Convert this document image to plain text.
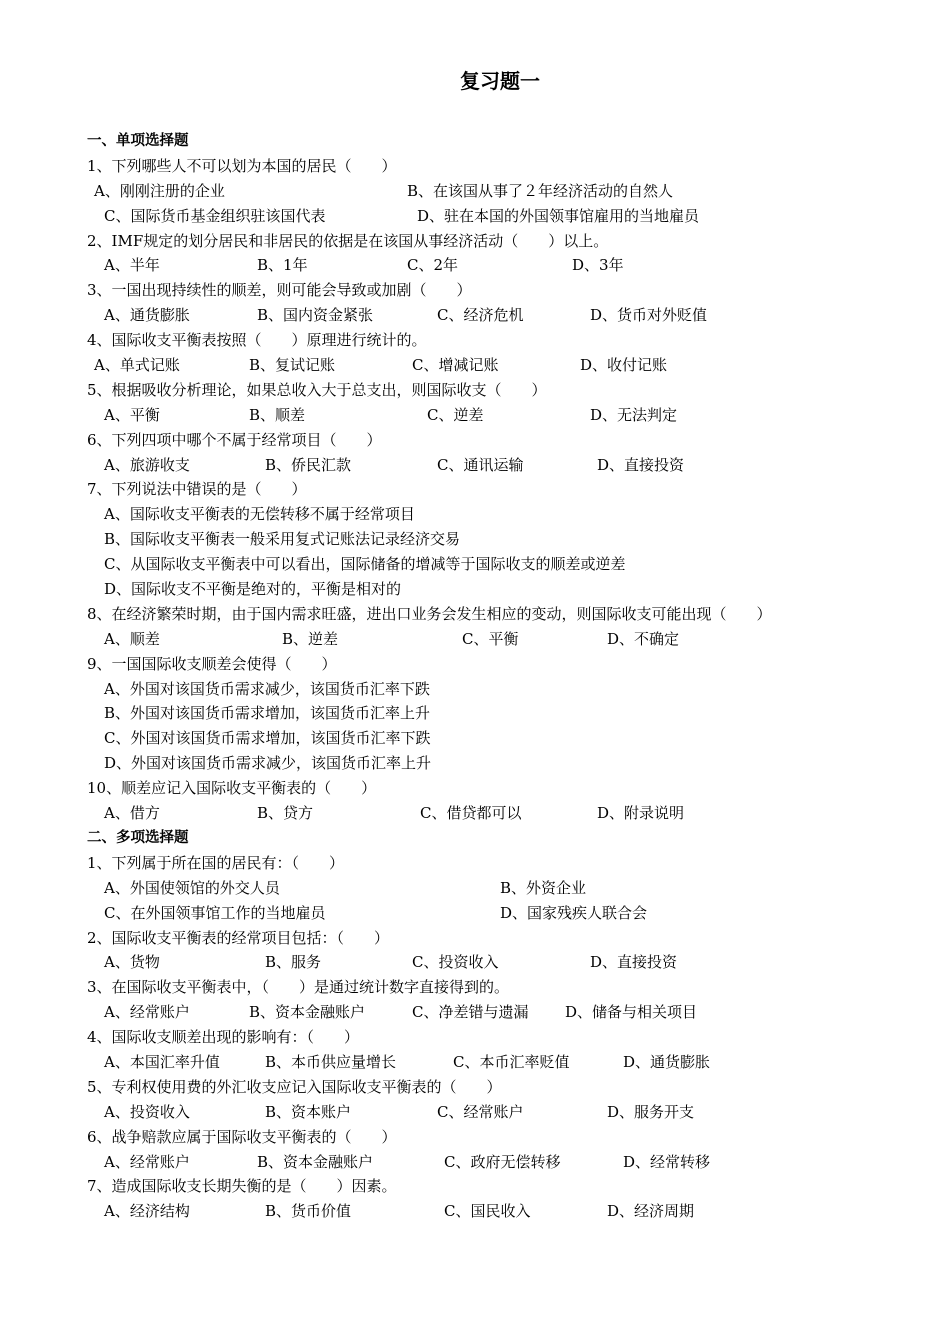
复习题一
一、单项选择题
1、下列哪些人不可以划为本国的居民（　　）
A、刚刚注册的企业	B、在该国从事了２年经济活动的自然人
C、国际货币基金组织驻该国代表	D、驻在本国的外国领事馆雇用的当地雇员
2、IMF规定的划分居民和非居民的依据是在该国从事经济活动（　　）以上。
A、半年	B、1年	C、2年	D、3年
3、一国出现持续性的顺差，则可能会导致或加剧（　　）
A、通货膨胀	B、国内资金紧张	C、经济危机	D、货币对外贬值
4、国际收支平衡表按照（　　）原理进行统计的。
A、单式记账	B、复试记账	C、增减记账	D、收付记账
5、根据吸收分析理论，如果总收入大于总支出，则国际收支（　　）
A、平衡	B、顺差	C、逆差	D、无法判定
6、下列四项中哪个不属于经常项目（　　）
A、旅游收支	B、侨民汇款	C、通讯运输	D、直接投资
7、下列说法中错误的是（　　）
A、国际收支平衡表的无偿转移不属于经常项目
B、国际收支平衡表一般采用复式记账法记录经济交易
C、从国际收支平衡表中可以看出，国际储备的增减等于国际收支的顺差或逆差
D、国际收支不平衡是绝对的，平衡是相对的
8、在经济繁荣时期，由于国内需求旺盛，进出口业务会发生相应的变动，则国际收支可能出现（　　）
A、顺差	B、逆差	C、平衡	D、不确定
9、一国国际收支顺差会使得（　　）
A、外国对该国货币需求减少，该国货币汇率下跌
B、外国对该国货币需求增加，该国货币汇率上升
C、外国对该国货币需求增加，该国货币汇率下跌
D、外国对该国货币需求减少，该国货币汇率上升
10、顺差应记入国际收支平衡表的（　　）
A、借方	B、贷方	C、借贷都可以	D、附录说明
二、多项选择题
1、下列属于所在国的居民有：（　　）
A、外国使领馆的外交人员	B、外资企业
C、在外国领事馆工作的当地雇员	D、国家残疾人联合会
2、国际收支平衡表的经常项目包括：（　　）
A、货物	B、服务	C、投资收入	D、直接投资
3、在国际收支平衡表中，（　　）是通过统计数字直接得到的。
A、经常账户	B、资本金融账户	C、净差错与遗漏 D、储备与相关项目
4、国际收支顺差出现的影响有：（　　）
A、本国汇率升值	B、本币供应量增长	C、本币汇率贬值	D、通货膨胀
5、专利权使用费的外汇收支应记入国际收支平衡表的（　　）
A、投资收入	B、资本账户	C、经常账户	D、服务开支
6、战争赔款应属于国际收支平衡表的（　　）
A、经常账户	B、资本金融账户	C、政府无偿转移	D、经常转移
7、造成国际收支长期失衡的是（　　）因素。
A、经济结构	B、货币价值	C、国民收入	D、经济周期
